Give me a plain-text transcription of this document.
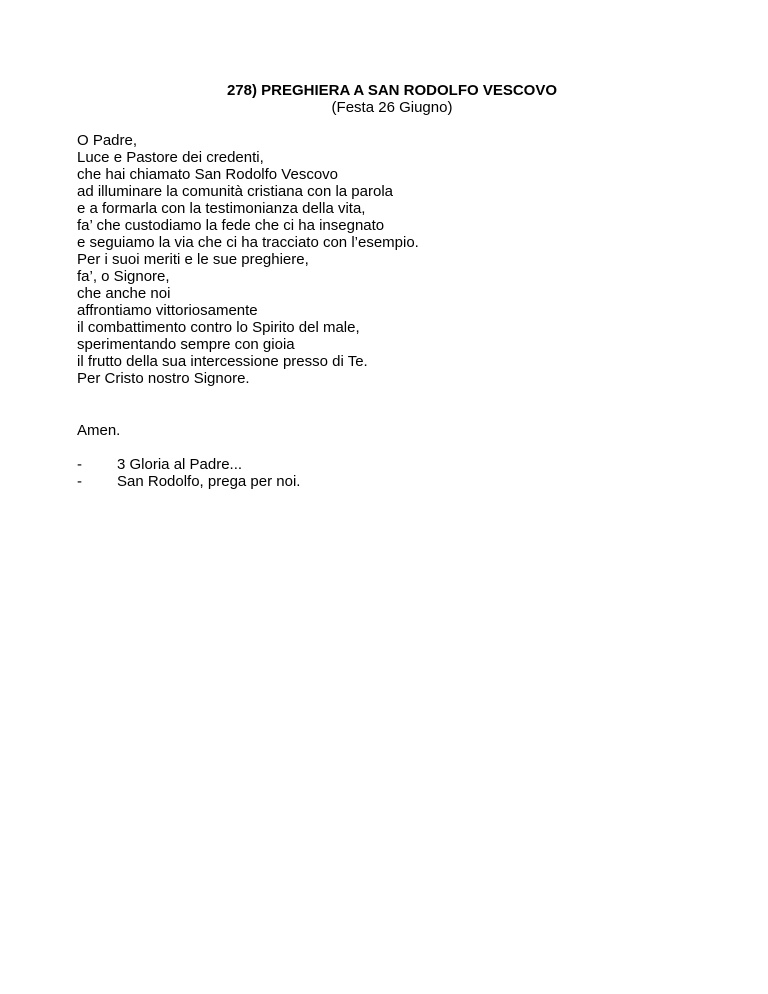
278) PREGHIERA A SAN RODOLFO VESCOVO
(Festa 26 Giugno)
O Padre,
Luce e Pastore dei credenti,
che hai chiamato San Rodolfo Vescovo
ad illuminare la comunità cristiana con la parola
e a formarla con la testimonianza della vita,
fa’ che custodiamo la fede che ci ha insegnato
e seguiamo la via che ci ha tracciato con l’esempio.
Per i suoi meriti e le sue preghiere,
fa’, o Signore,
che anche noi
affrontiamo vittoriosamente
il combattimento contro lo Spirito del male,
sperimentando sempre con gioia
il frutto della sua intercessione presso di Te.
Per Cristo nostro Signore.
Amen.
-	3 Gloria al Padre...
-	San Rodolfo, prega per noi.
